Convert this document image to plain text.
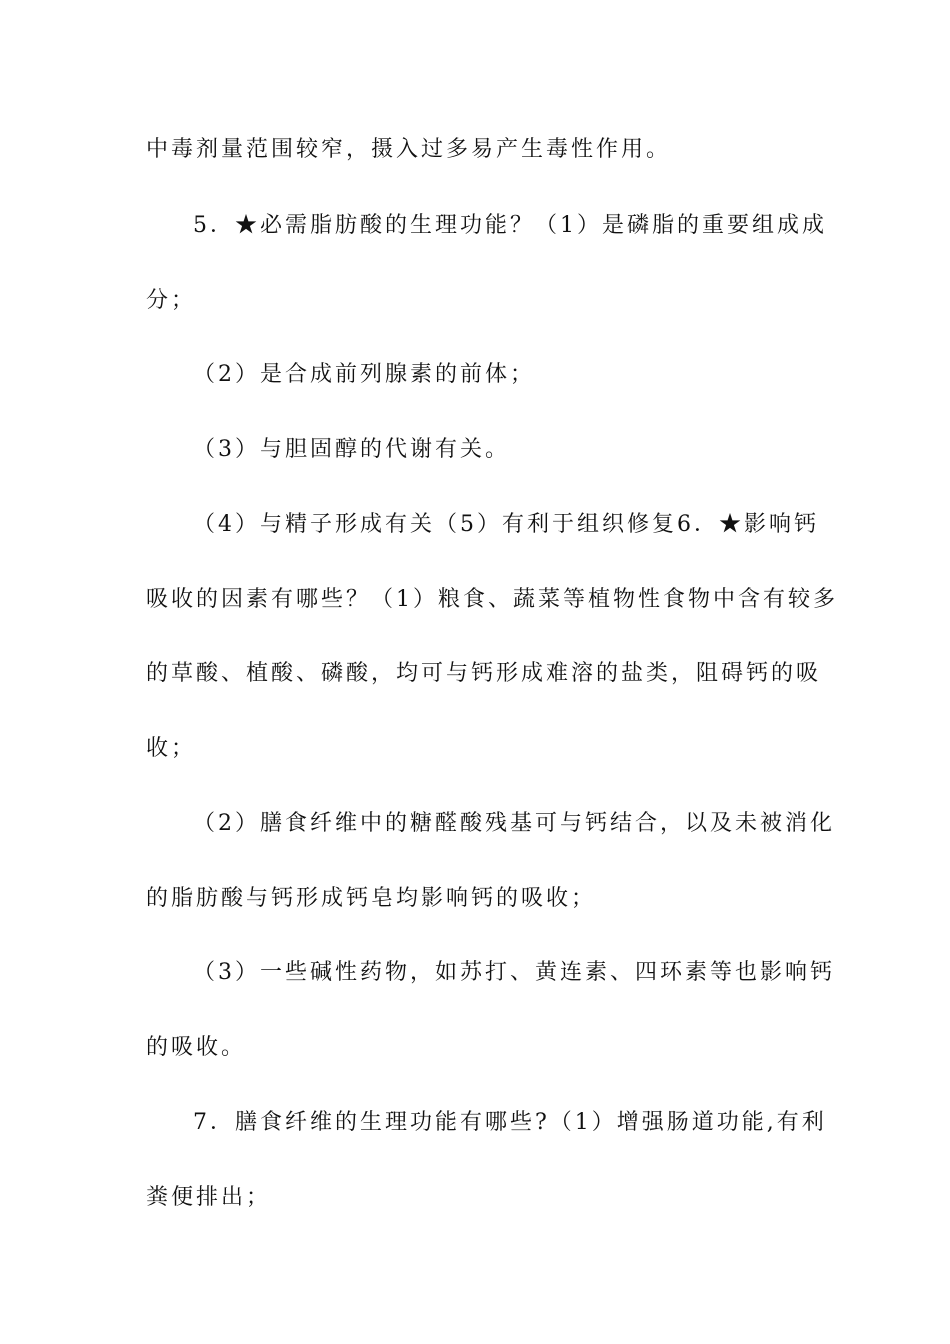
中毒剂量范围较窄，摄入过多易产生毒性作用。
5．★必需脂肪酸的生理功能？（1）是磷脂的重要组成成
分；
（2）是合成前列腺素的前体；
（3）与胆固醇的代谢有关。
（4）与精子形成有关（5）有利于组织修复6．★影响钙
吸收的因素有哪些？（1）粮食、蔬菜等植物性食物中含有较多
的草酸、植酸、磷酸，均可与钙形成难溶的盐类，阻碍钙的吸
收；
（2）膳食纤维中的糖醛酸残基可与钙结合，以及未被消化
的脂肪酸与钙形成钙皂均影响钙的吸收；
（3）一些碱性药物，如苏打、黄连素、四环素等也影响钙
的吸收。
7．膳食纤维的生理功能有哪些?（1）增强肠道功能,有利
粪便排出；
